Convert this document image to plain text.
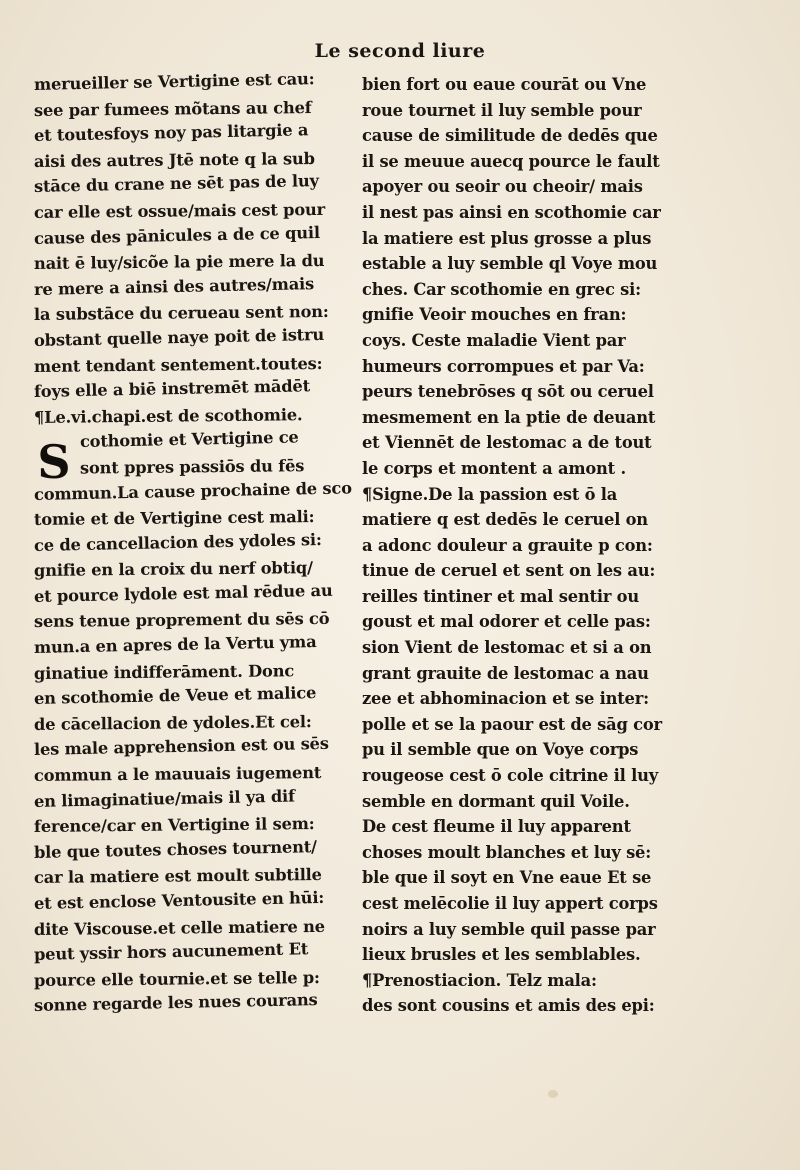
Le second liure
S
merueiller se Vertigine est cau:
see par fumees mõtans au chef
et toutesfoys noy pas litargie a
aisi des autres Jtē note q la sub
stāce du crane ne sēt pas de luy
car elle est ossue/mais cest pour
cause des pānicules a de ce quil
nait ē luy/sicõe la pie mere la du
re mere a ainsi des autres/mais
la substāce du cerueau sent non:
obstant quelle naye poit de istru
ment tendant sentement.toutes:
foys elle a biē instremēt mādēt
¶Le.vi.chapi.est de scothomie.
cothomie et Vertigine ce
sont ppres passiōs du fēs
commun.La cause prochaine de sco
tomie et de Vertigine cest mali:
ce de cancellacion des ydoles si:
gnifie en la croix du nerf obtiq/
et pource lydole est mal rēdue au
sens tenue proprement du sēs cō
mun.a en apres de la Vertu yma
ginatiue indifferāment. Donc
en scothomie de Veue et malice
de cācellacion de ydoles.Et cel:
les male apprehension est ou sēs
commun a le mauuais iugement
en limaginatiue/mais il ya dif
ference/car en Vertigine il sem:
ble que toutes choses tournent/
car la matiere est moult subtille
et est enclose Ventousite en hūi:
dite Viscouse.et celle matiere ne
peut yssir hors aucunement Et
pource elle tournie.et se telle p:
sonne regarde les nues courans
bien fort ou eaue courāt ou Vne
roue tournet il luy semble pour
cause de similitude de dedēs que
il se meuue auecq pource le fault
apoyer ou seoir ou cheoir/ mais
il nest pas ainsi en scothomie car
la matiere est plus grosse a plus
estable a luy semble ql Voye mou
ches. Car scothomie en grec si:
gnifie Veoir mouches en fran:
coys. Ceste maladie Vient par
humeurs corrompues et par Va:
peurs tenebrōses q sōt ou ceruel
mesmement en la ptie de deuant
et Viennēt de lestomac a de tout
le corps et montent a amont .
¶Signe.De la passion est ō la
matiere q est dedēs le ceruel on
a adonc douleur a grauite p con:
tinue de ceruel et sent on les au:
reilles tintiner et mal sentir ou
goust et mal odorer et celle pas:
sion Vient de lestomac et si a on
grant grauite de lestomac a nau
zee et abhominacion et se inter:
polle et se la paour est de sāg cor
pu il semble que on Voye corps
rougeose cest ō cole citrine il luy
semble en dormant quil Voile.
De cest fleume il luy apparent
choses moult blanches et luy sē:
ble que il soyt en Vne eaue Et se
cest melēcolie il luy appert corps
noirs a luy semble quil passe par
lieux brusles et les semblables.
¶Prenostiacion. Telz mala:
des sont cousins et amis des epi:
